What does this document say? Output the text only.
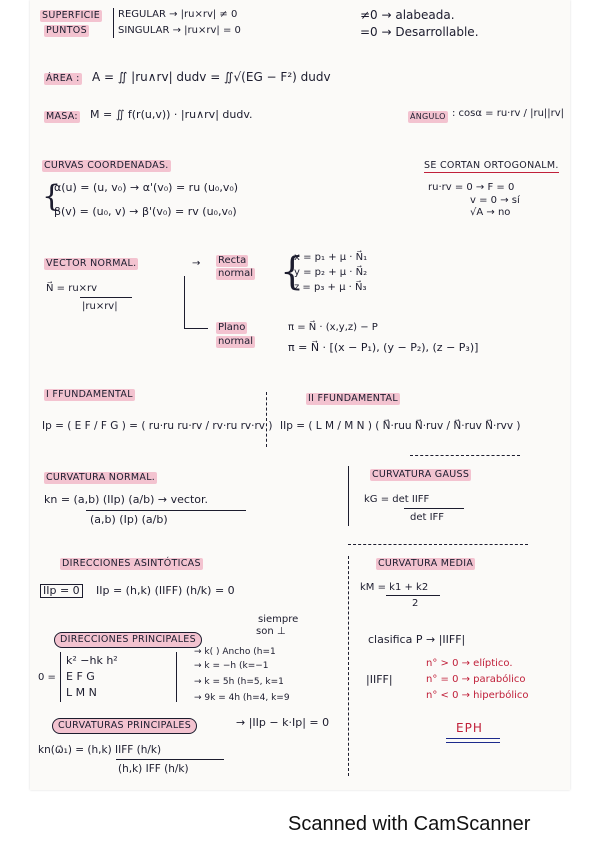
SUPERFICIE
PUNTOS
REGULAR → |ru×rv| ≠ 0
SINGULAR → |ru×rv| = 0
≠0 → alabeada.
=0 → Desarrollable.
ÁREA : A = ∬ |ru∧rv| dudv = ∬√(EG − F²) dudv
MASA: M = ∬ f(r(u,v)) · |ru∧rv| dudv.	ÁNGULO : cosα = ru·rv / |ru||rv|
CURVAS COORDENADAS.
{
α(u) = (u, v₀) → α'(v₀) = ru (u₀,v₀)
β(v) = (u₀, v) → β'(v₀) = rv (u₀,v₀)
SE CORTAN ORTOGONALM.
ru·rv = 0 → F = 0
v = 0 → sí
√A → no
VECTOR NORMAL.
N⃗ = ru×rv
|ru×rv|
→ Recta
normal {
x = p₁ + μ · N⃗₁
y = p₂ + μ · N⃗₂
z = p₃ + μ · N⃗₃
Plano
normal
π = N⃗ · (x,y,z) − P
π = N⃗ · [(x − P₁), (y − P₂), (z − P₃)]
I FFUNDAMENTAL
Ip = ( E F / F G ) = ( ru·ru ru·rv / rv·ru rv·rv )
II FFUNDAMENTAL
IIp = ( L M / M N ) ( N⃗·ruu N⃗·ruv / N⃗·ruv N⃗·rvv )
CURVATURA NORMAL.
kn = (a,b) (IIp) (a/b) → vector.
(a,b) (Ip) (a/b)
CURVATURA GAUSS
kG = det IIFF
det IFF
DIRECCIONES ASINTÓTICAS
IIp = 0 IIp = (h,k) (IIFF) (h/k) = 0
CURVATURA MEDIA
kM = k1 + k2
2
DIRECCIONES PRINCIPALES
siempre
son ⊥
0 =
k² −hk h²
E F G
L M N
→ k( ) Ancho (h=1
→ k = −h (k=−1
→ k = 5h (h=5, k=1
→ 9k = 4h (h=4, k=9
clasifica P → |IIFF|
|IIFF|
n° > 0 → elíptico.
n° = 0 → parabólico
n° < 0 → hiperbólico
EPH
CURVATURAS PRINCIPALES	→ |IIp − k·Ip| = 0
kn(ω⃗₁) = (h,k) IIFF (h/k)
(h,k) IFF (h/k)
Scanned with CamScanner
